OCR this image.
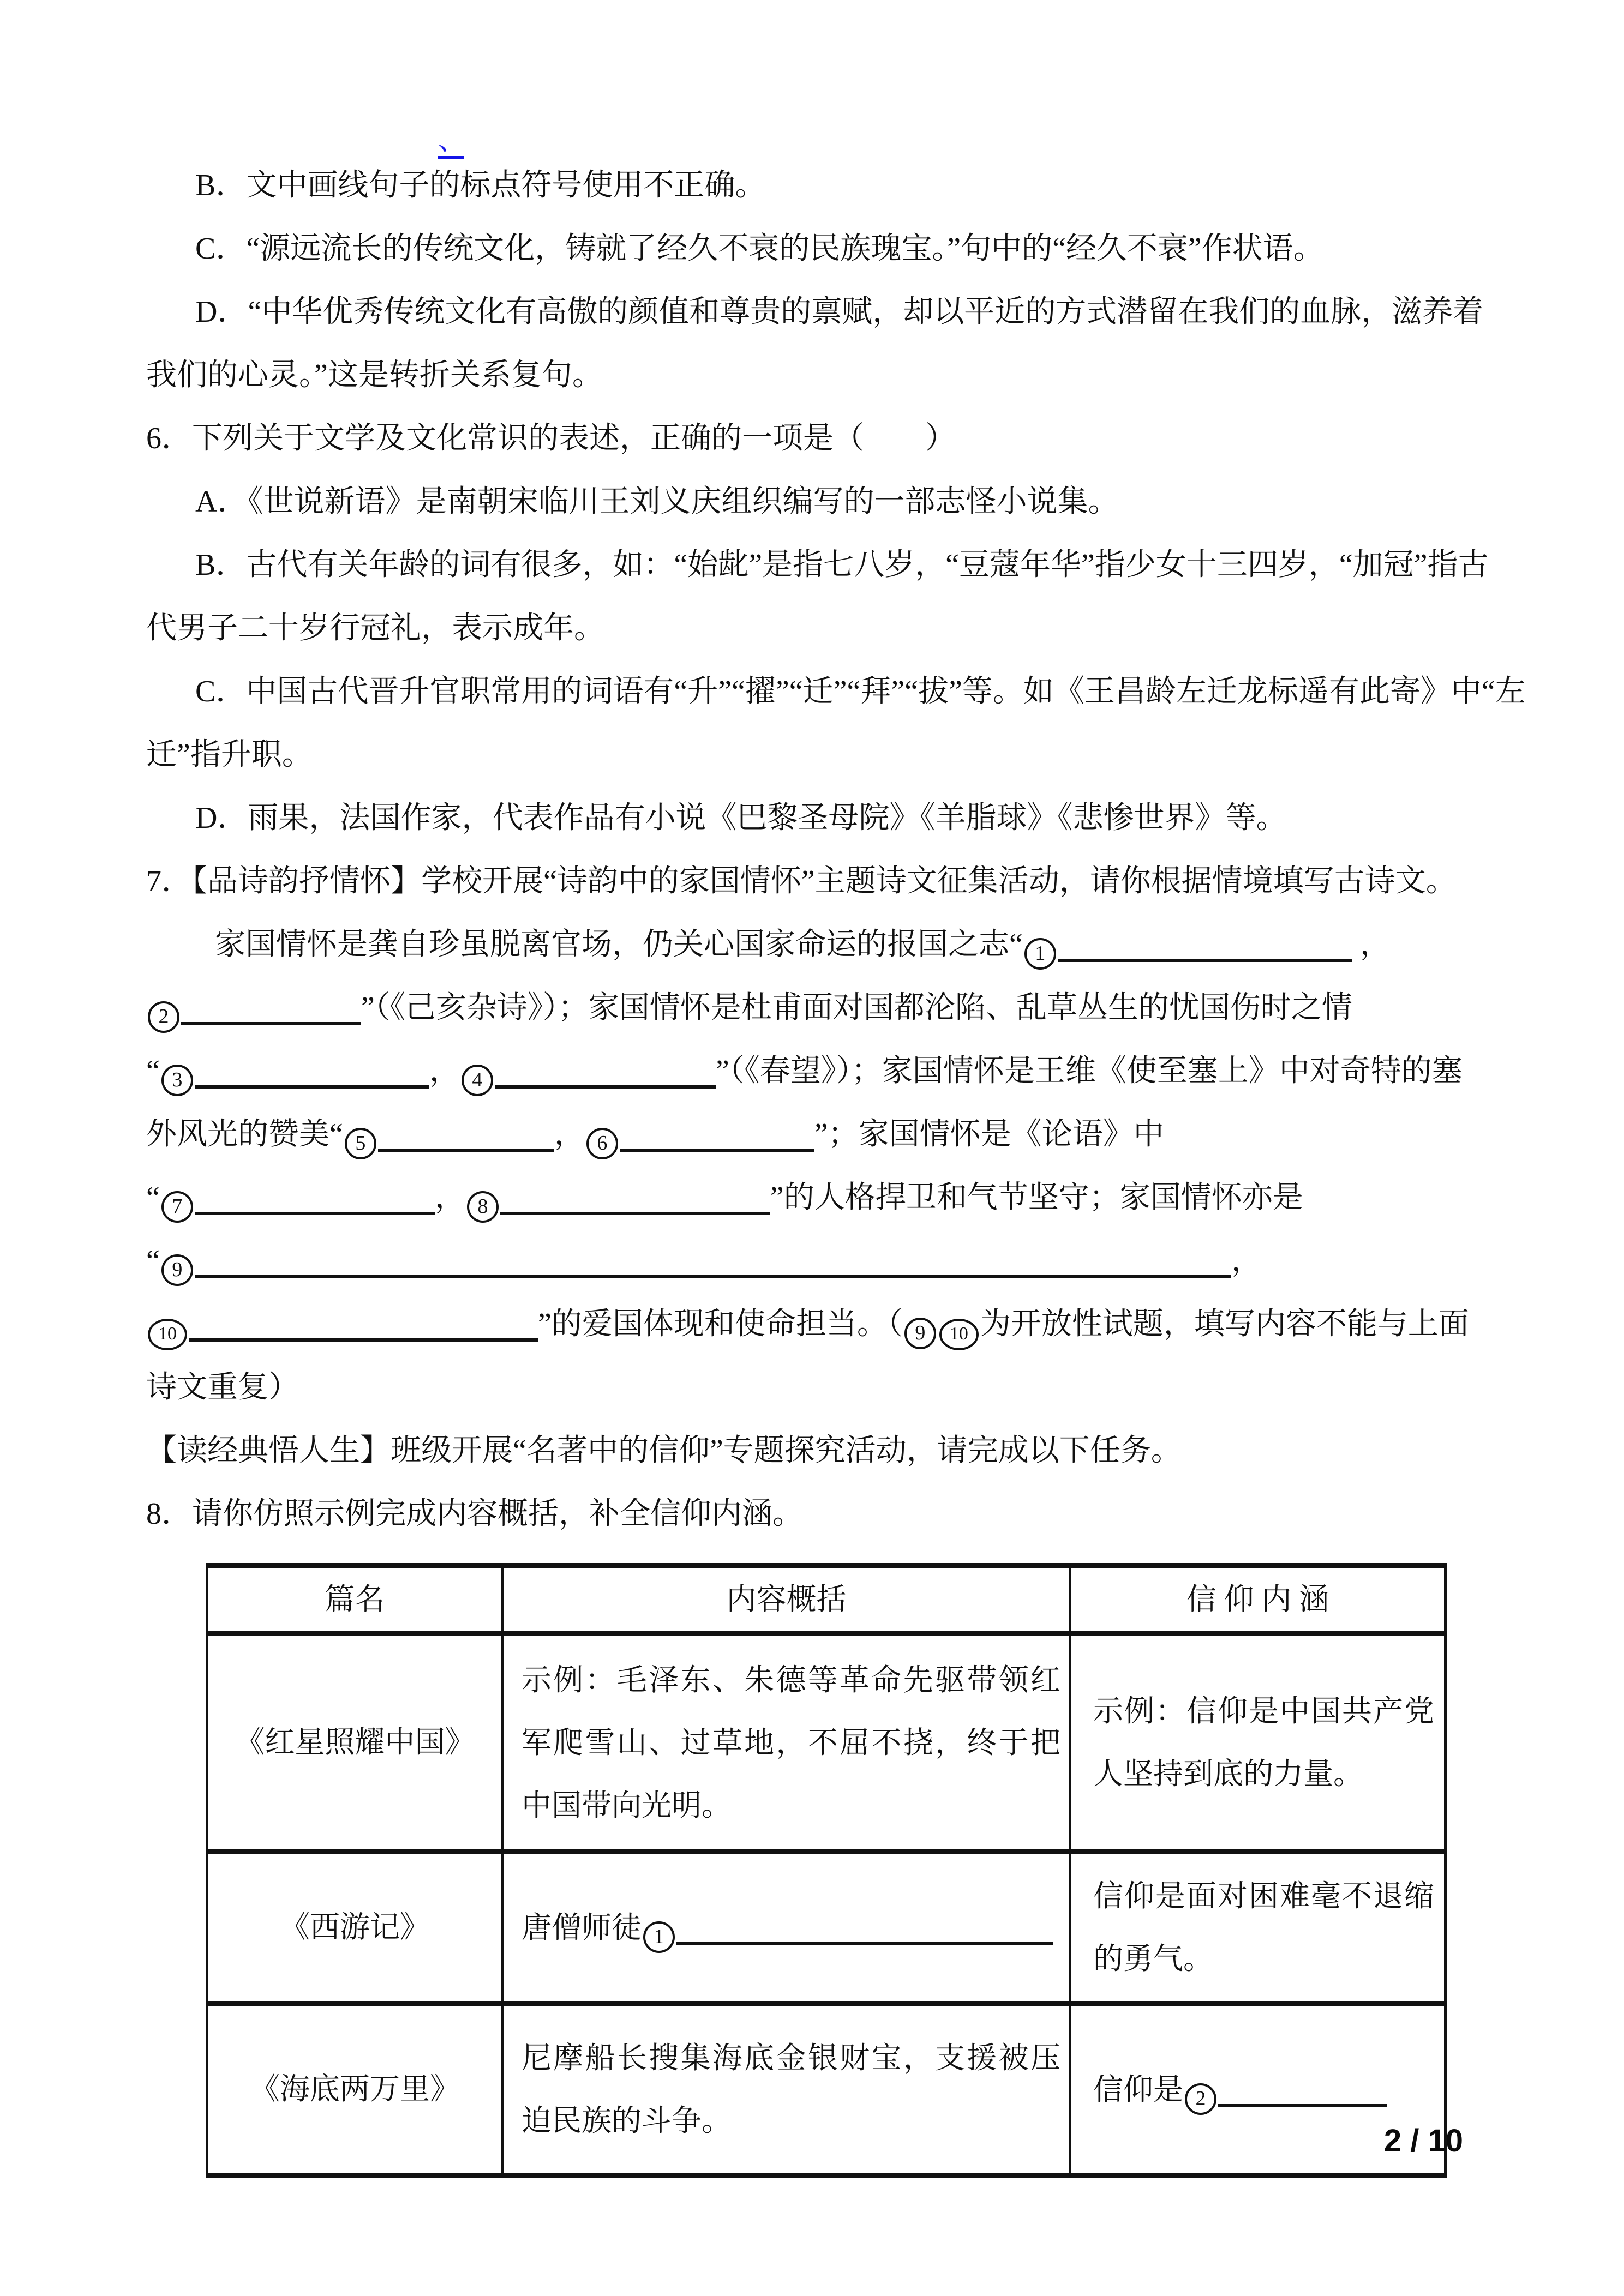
、
B．文中画线句子的标点符号使用不正确。
C．“源远流长的传统文化，铸就了经久不衰的民族瑰宝。”句中的“经久不衰”作状语。
D．“中华优秀传统文化有高傲的颜值和尊贵的禀赋，却以平近的方式潜留在我们的血脉，滋养着
我们的心灵。”这是转折关系复句。
6．下列关于文学及文化常识的表述，正确的一项是（　　）
A．《世说新语》是南朝宋临川王刘义庆组织编写的一部志怪小说集。
B．古代有关年龄的词有很多，如：“始龀”是指七八岁，“豆蔻年华”指少女十三四岁，“加冠”指古
代男子二十岁行冠礼，表示成年。
C．中国古代晋升官职常用的词语有“升”“擢”“迁”“拜”“拔”等。如《王昌龄左迁龙标遥有此寄》中“左
迁”指升职。
D．雨果，法国作家，代表作品有小说《巴黎圣母院》《羊脂球》《悲惨世界》等。
7．【品诗韵抒情怀】学校开展“诗韵中的家国情怀”主题诗文征集活动，请你根据情境填写古诗文。
家国情怀是龚自珍虽脱离官场，仍关心国家命运的报国之志“ 1	，
2	”（《己亥杂诗》）；家国情怀是杜甫面对国都沦陷、乱草丛生的忧国伤时之情
“ 3	， 4	”（《春望》）；家国情怀是王维《使至塞上》中对奇特的塞
外风光的赞美“ 5	， 6	”；家国情怀是《论语》中
“ 7	， 8	”的人格捍卫和气节坚守；家国情怀亦是
“ 9	，
10	”的爱国体现和使命担当。（ 9 10 为开放性试题，填写内容不能与上面
诗文重复）
【读经典悟人生】班级开展“名著中的信仰”专题探究活动，请完成以下任务。
8．请你仿照示例完成内容概括，补全信仰内涵。
篇名	内容概括	信 仰 内 涵
《红星照耀中国》	示例：毛泽东、朱德等革命先驱带领红军爬雪山、过草地，不屈不挠，终于把中国带向光明。	示例：信仰是中国共产党人坚持到底的力量。
《西游记》	唐僧师徒 1	信仰是面对困难毫不退缩的勇气。
《海底两万里》	尼摩船长搜集海底金银财宝，支援被压迫民族的斗争。	信仰是 2
2 / 10
